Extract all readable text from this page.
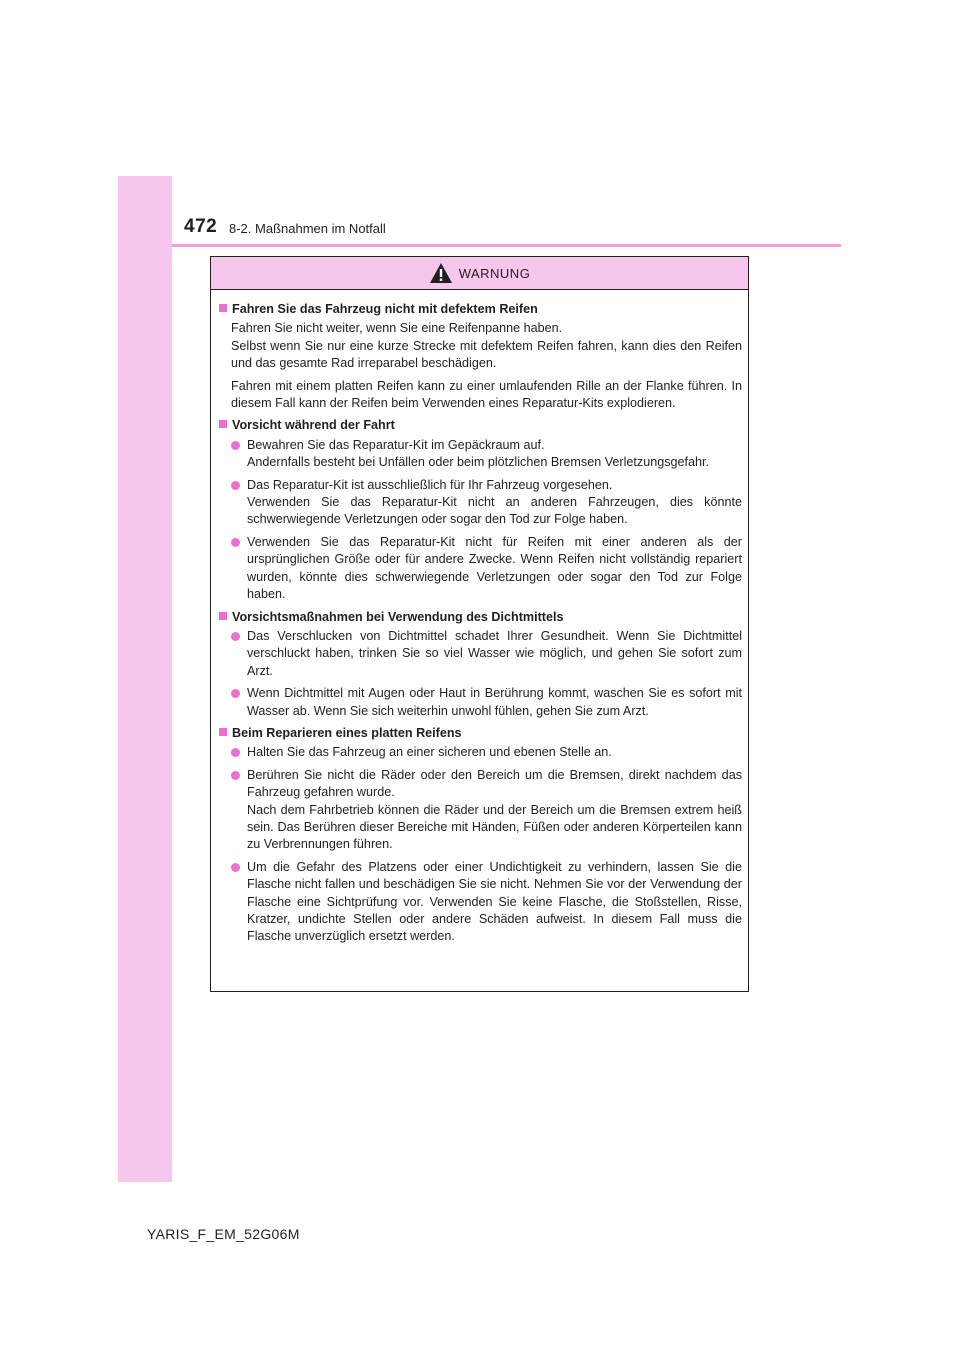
472 8-2. Maßnahmen im Notfall
WARNUNG
Fahren Sie das Fahrzeug nicht mit defektem Reifen
Fahren Sie nicht weiter, wenn Sie eine Reifenpanne haben.
Selbst wenn Sie nur eine kurze Strecke mit defektem Reifen fahren, kann dies den Reifen und das gesamte Rad irreparabel beschädigen.
Fahren mit einem platten Reifen kann zu einer umlaufenden Rille an der Flanke führen. In diesem Fall kann der Reifen beim Verwenden eines Reparatur-Kits explodieren.
Vorsicht während der Fahrt
Bewahren Sie das Reparatur-Kit im Gepäckraum auf.
Andernfalls besteht bei Unfällen oder beim plötzlichen Bremsen Verletzungsgefahr.
Das Reparatur-Kit ist ausschließlich für Ihr Fahrzeug vorgesehen.
Verwenden Sie das Reparatur-Kit nicht an anderen Fahrzeugen, dies könnte schwerwiegende Verletzungen oder sogar den Tod zur Folge haben.
Verwenden Sie das Reparatur-Kit nicht für Reifen mit einer anderen als der ursprünglichen Größe oder für andere Zwecke. Wenn Reifen nicht vollständig repariert wurden, könnte dies schwerwiegende Verletzungen oder sogar den Tod zur Folge haben.
Vorsichtsmaßnahmen bei Verwendung des Dichtmittels
Das Verschlucken von Dichtmittel schadet Ihrer Gesundheit. Wenn Sie Dichtmittel verschluckt haben, trinken Sie so viel Wasser wie möglich, und gehen Sie sofort zum Arzt.
Wenn Dichtmittel mit Augen oder Haut in Berührung kommt, waschen Sie es sofort mit Wasser ab. Wenn Sie sich weiterhin unwohl fühlen, gehen Sie zum Arzt.
Beim Reparieren eines platten Reifens
Halten Sie das Fahrzeug an einer sicheren und ebenen Stelle an.
Berühren Sie nicht die Räder oder den Bereich um die Bremsen, direkt nachdem das Fahrzeug gefahren wurde.
Nach dem Fahrbetrieb können die Räder und der Bereich um die Bremsen extrem heiß sein. Das Berühren dieser Bereiche mit Händen, Füßen oder anderen Körperteilen kann zu Verbrennungen führen.
Um die Gefahr des Platzens oder einer Undichtigkeit zu verhindern, lassen Sie die Flasche nicht fallen und beschädigen Sie sie nicht. Nehmen Sie vor der Verwendung der Flasche eine Sichtprüfung vor. Verwenden Sie keine Flasche, die Stoßstellen, Risse, Kratzer, undichte Stellen oder andere Schäden aufweist. In diesem Fall muss die Flasche unverzüglich ersetzt werden.
YARIS_F_EM_52G06M
